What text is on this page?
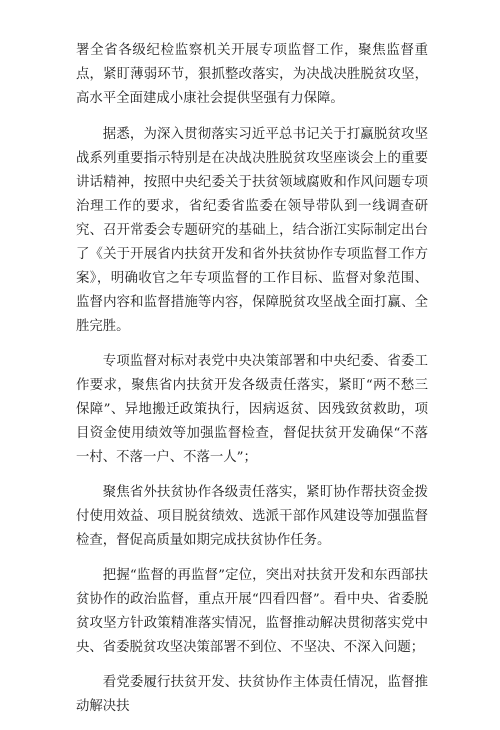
署全省各级纪检监察机关开展专项监督工作，聚焦监督重点，紧盯薄弱环节，狠抓整改落实，为决战决胜脱贫攻坚，高水平全面建成小康社会提供坚强有力保障。

据悉，为深入贯彻落实习近平总书记关于打赢脱贫攻坚战系列重要指示特别是在决战决胜脱贫攻坚座谈会上的重要讲话精神，按照中央纪委关于扶贫领域腐败和作风问题专项治理工作的要求，省纪委省监委在领导带队到一线调查研究、召开常委会专题研究的基础上，结合浙江实际制定出台了《关于开展省内扶贫开发和省外扶贫协作专项监督工作方案》，明确收官之年专项监督的工作目标、监督对象范围、监督内容和监督措施等内容，保障脱贫攻坚战全面打赢、全胜完胜。

专项监督对标对表党中央决策部署和中央纪委、省委工作要求，聚焦省内扶贫开发各级责任落实，紧盯“两不愁三保障”、异地搬迁政策执行，因病返贫、因残致贫救助，项目资金使用绩效等加强监督检查，督促扶贫开发确保“不落一村、不落一户、不落一人”；

聚焦省外扶贫协作各级责任落实，紧盯协作帮扶资金拨付使用效益、项目脱贫绩效、选派干部作风建设等加强监督检查，督促高质量如期完成扶贫协作任务。

把握“监督的再监督”定位，突出对扶贫开发和东西部扶贫协作的政治监督，重点开展“四看四督”。看中央、省委脱贫攻坚方针政策精准落实情况，监督推动解决贯彻落实党中央、省委脱贫攻坚决策部署不到位、不坚决、不深入问题；

看党委履行扶贫开发、扶贫协作主体责任情况，监督推动解决扶
